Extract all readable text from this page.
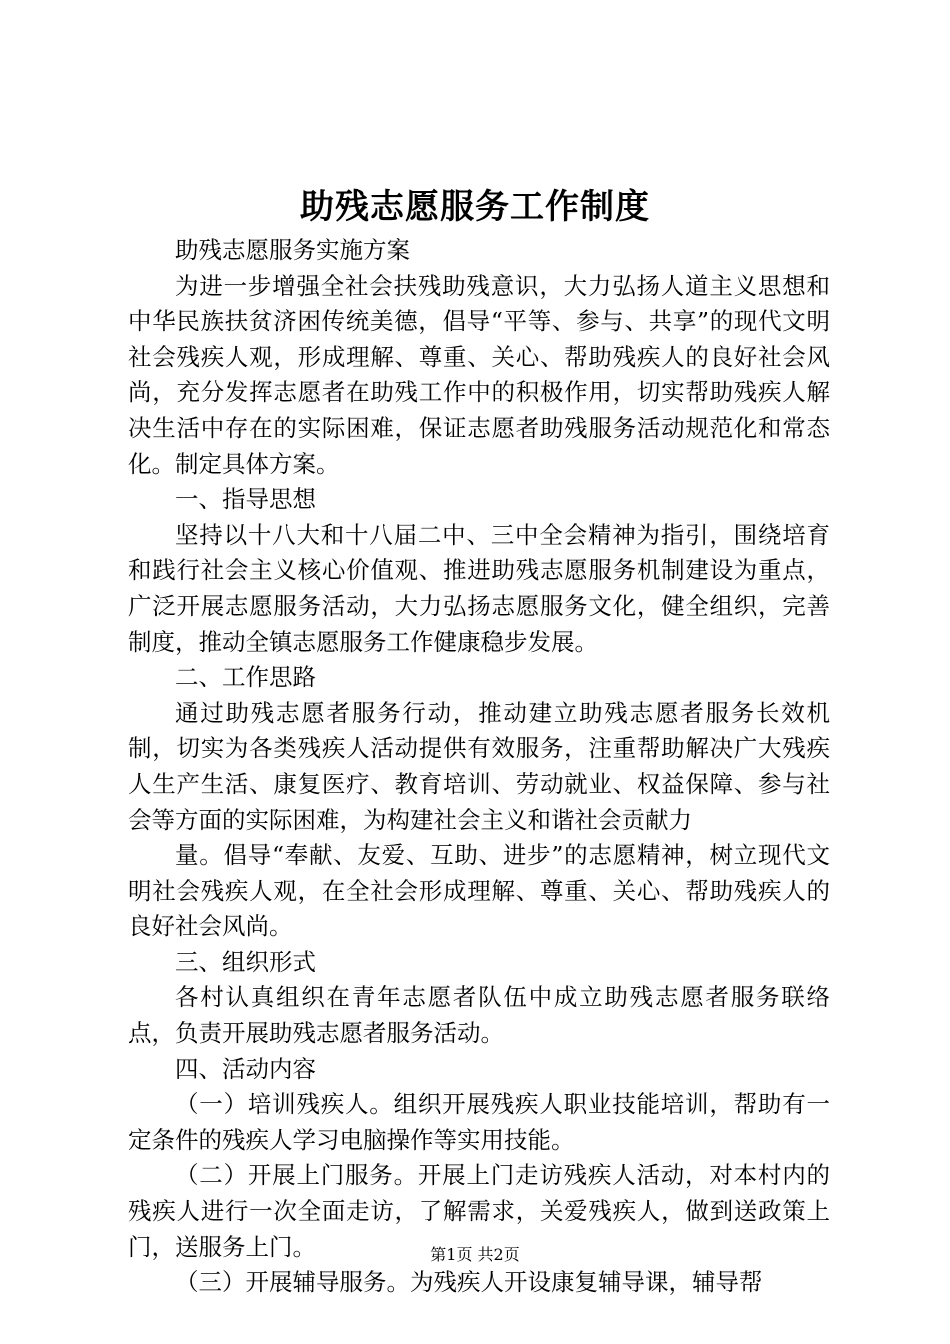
助残志愿服务工作制度

助残志愿服务实施方案

为进一步增强全社会扶残助残意识，大力弘扬人道主义思想和中华民族扶贫济困传统美德，倡导“平等、参与、共享”的现代文明社会残疾人观，形成理解、尊重、关心、帮助残疾人的良好社会风尚，充分发挥志愿者在助残工作中的积极作用，切实帮助残疾人解决生活中存在的实际困难，保证志愿者助残服务活动规范化和常态化。制定具体方案。

一、指导思想

坚持以十八大和十八届二中、三中全会精神为指引，围绕培育和践行社会主义核心价值观、推进助残志愿服务机制建设为重点，广泛开展志愿服务活动，大力弘扬志愿服务文化，健全组织，完善制度，推动全镇志愿服务工作健康稳步发展。

二、工作思路

通过助残志愿者服务行动，推动建立助残志愿者服务长效机制，切实为各类残疾人活动提供有效服务，注重帮助解决广大残疾人生产生活、康复医疗、教育培训、劳动就业、权益保障、参与社会等方面的实际困难，为构建社会主义和谐社会贡献力

量。倡导“奉献、友爱、互助、进步”的志愿精神，树立现代文明社会残疾人观，在全社会形成理解、尊重、关心、帮助残疾人的良好社会风尚。

三、组织形式

各村认真组织在青年志愿者队伍中成立助残志愿者服务联络点，负责开展助残志愿者服务活动。

四、活动内容

（一）培训残疾人。组织开展残疾人职业技能培训，帮助有一定条件的残疾人学习电脑操作等实用技能。

（二）开展上门服务。开展上门走访残疾人活动，对本村内的残疾人进行一次全面走访，了解需求，关爱残疾人，做到送政策上门，送服务上门。

（三）开展辅导服务。为残疾人开设康复辅导课，辅导帮

第1页 共2页
